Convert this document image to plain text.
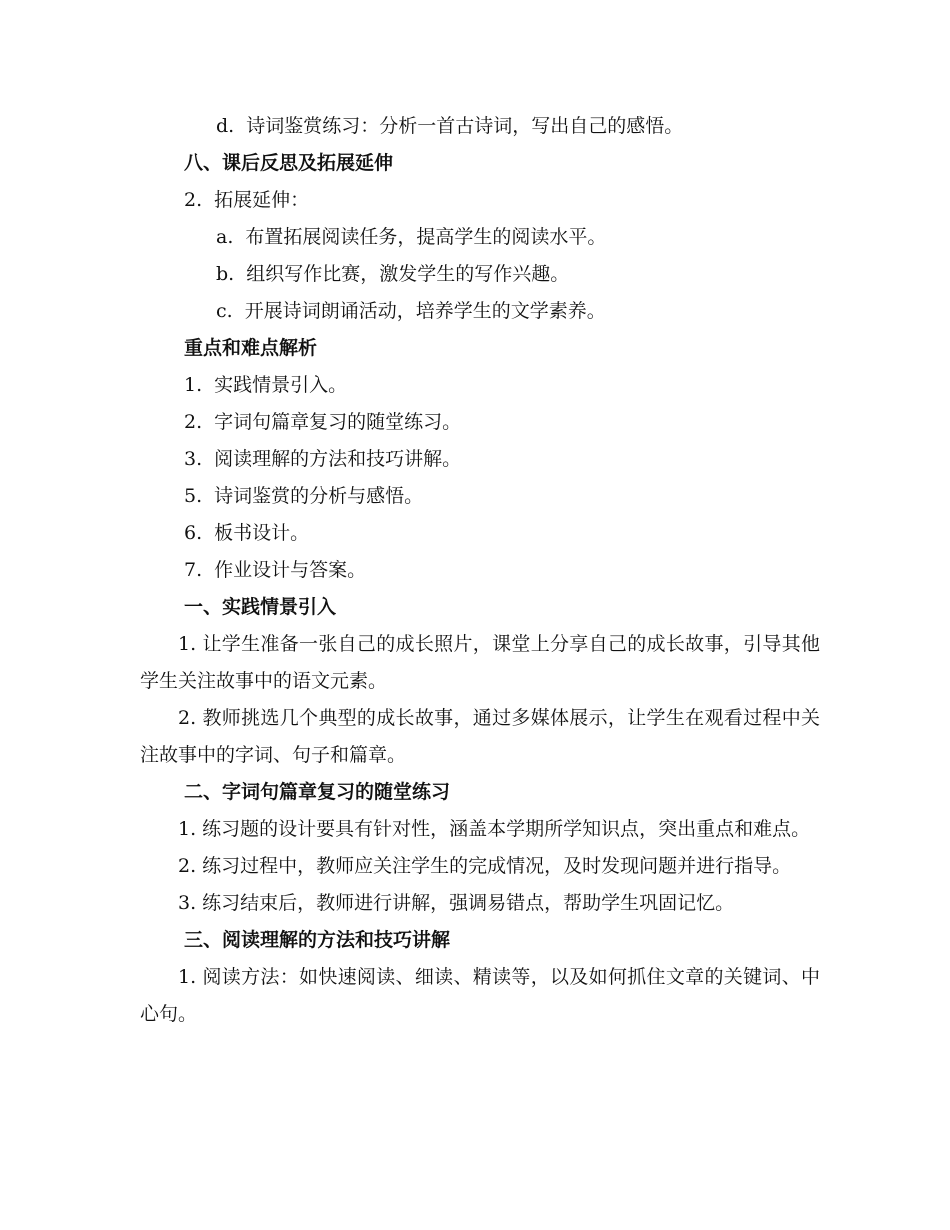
d. 诗词鉴赏练习：分析一首古诗词，写出自己的感悟。
八、课后反思及拓展延伸
2. 拓展延伸：
a. 布置拓展阅读任务，提高学生的阅读水平。
b. 组织写作比赛，激发学生的写作兴趣。
c. 开展诗词朗诵活动，培养学生的文学素养。
重点和难点解析
1. 实践情景引入。
2. 字词句篇章复习的随堂练习。
3. 阅读理解的方法和技巧讲解。
5. 诗词鉴赏的分析与感悟。
6. 板书设计。
7. 作业设计与答案。
一、实践情景引入
1. 让学生准备一张自己的成长照片，课堂上分享自己的成长故事，引导其他学生关注故事中的语文元素。
2. 教师挑选几个典型的成长故事，通过多媒体展示，让学生在观看过程中关注故事中的字词、句子和篇章。
二、字词句篇章复习的随堂练习
1. 练习题的设计要具有针对性，涵盖本学期所学知识点，突出重点和难点。
2. 练习过程中，教师应关注学生的完成情况，及时发现问题并进行指导。
3. 练习结束后，教师进行讲解，强调易错点，帮助学生巩固记忆。
三、阅读理解的方法和技巧讲解
1. 阅读方法：如快速阅读、细读、精读等，以及如何抓住文章的关键词、中心句。
